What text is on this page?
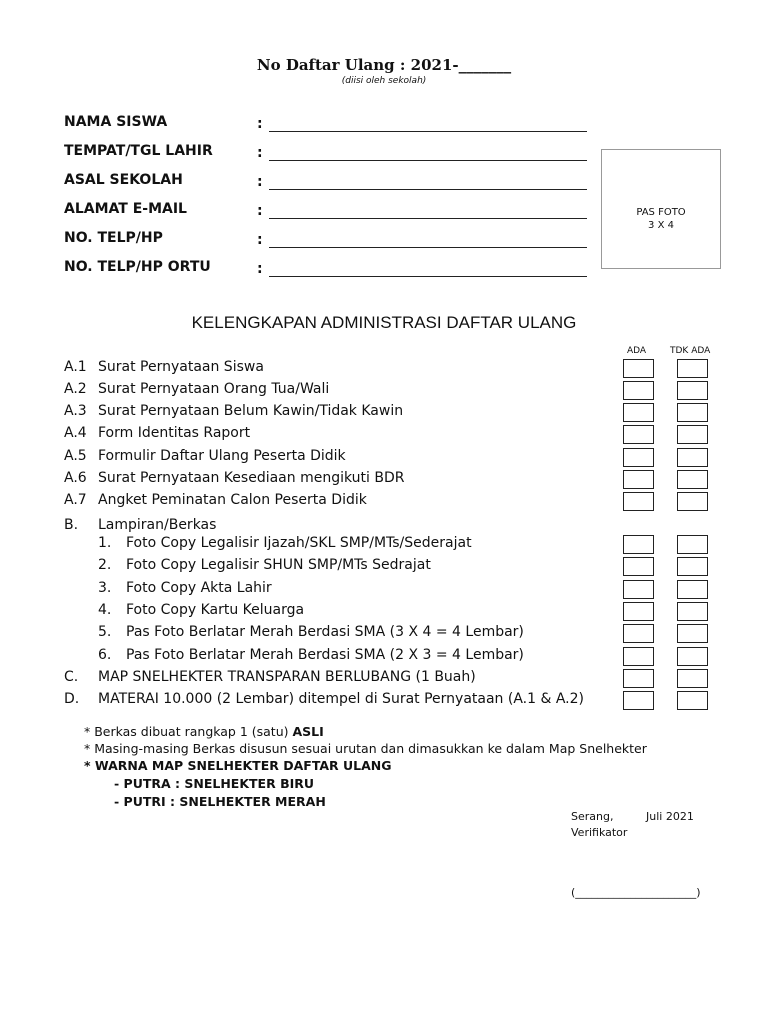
No Daftar Ulang : 2021-_______
(diisi oleh sekolah)
NAMA SISWA	:
TEMPAT/TGL LAHIR	:
ASAL SEKOLAH	:
ALAMAT E-MAIL	:
NO. TELP/HP	:
NO. TELP/HP ORTU	:
PAS FOTO
3 X 4
KELENGKAPAN ADMINISTRASI DAFTAR ULANG
ADA	TDK ADA
A.1 Surat Pernyataan Siswa
A.2 Surat Pernyataan Orang Tua/Wali
A.3 Surat Pernyataan Belum Kawin/Tidak Kawin
A.4 Form Identitas Raport
A.5 Formulir Daftar Ulang Peserta Didik
A.6 Surat Pernyataan Kesediaan mengikuti BDR
A.7 Angket Peminatan Calon Peserta Didik
B. Lampiran/Berkas
1. Foto Copy Legalisir Ijazah/SKL SMP/MTs/Sederajat
2. Foto Copy Legalisir SHUN SMP/MTs Sedrajat
3. Foto Copy Akta Lahir
4. Foto Copy Kartu Keluarga
5. Pas Foto Berlatar Merah Berdasi SMA (3 X 4 = 4 Lembar)
6. Pas Foto Berlatar Merah Berdasi SMA (2 X 3 = 4 Lembar)
C. MAP SNELHEKTER TRANSPARAN BERLUBANG (1 Buah)
D. MATERAI 10.000 (2 Lembar) ditempel di Surat Pernyataan (A.1 & A.2)
* Berkas dibuat rangkap 1 (satu) ASLI
* Masing-masing Berkas disusun sesuai urutan dan dimasukkan ke dalam Map Snelhekter
* WARNA MAP SNELHEKTER DAFTAR ULANG
- PUTRA : SNELHEKTER BIRU
- PUTRI : SNELHEKTER MERAH
Serang,	Juli 2021
Verifikator
(______________________)
